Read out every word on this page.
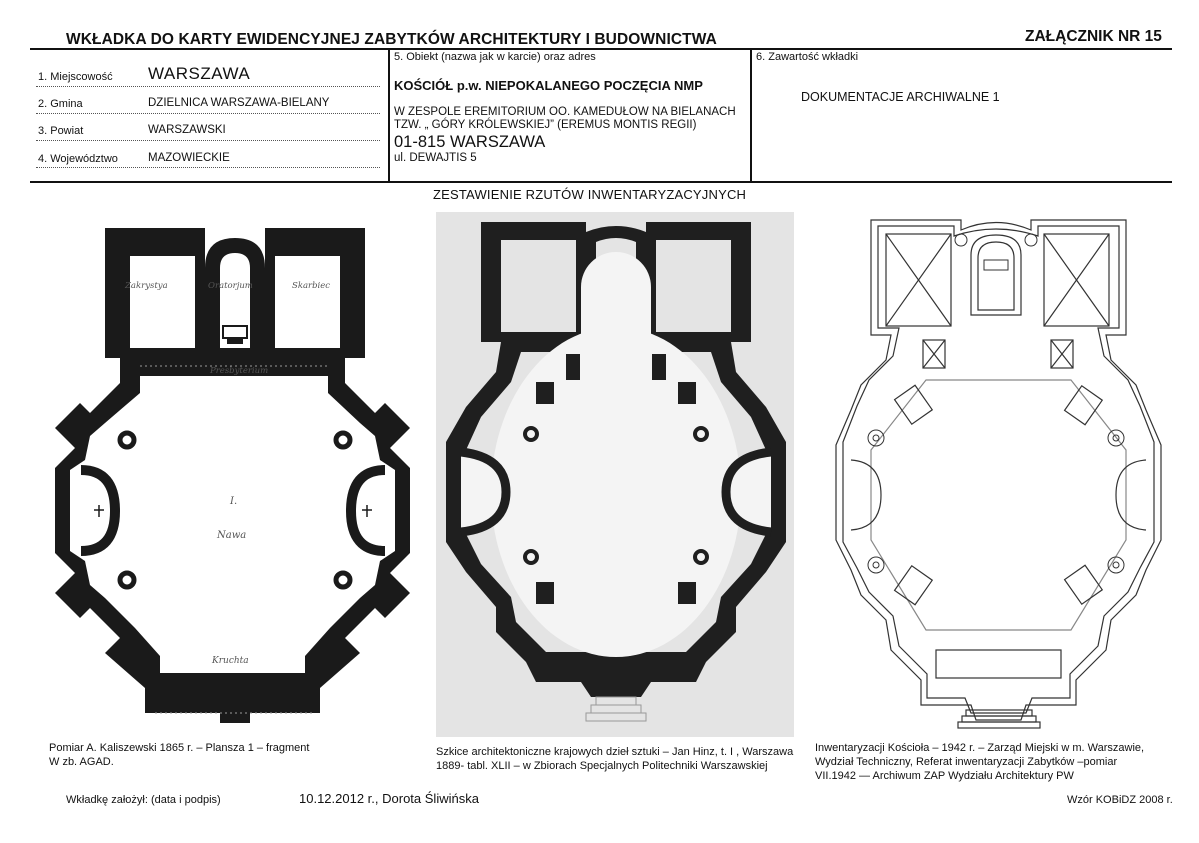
WKŁADKA DO KARTY EWIDENCYJNEJ ZABYTKÓW ARCHITEKTURY I BUDOWNICTWA	ZAŁĄCZNIK NR 15
1. Miejscowość WARSZAWA
2. Gmina	DZIELNICA WARSZAWA-BIELANY
3. Powiat	WARSZAWSKI
4. Województwo	MAZOWIECKIE
5. Obiekt (nazwa jak w karcie) oraz adres
KOŚCIÓŁ p.w. NIEPOKALANEGO POCZĘCIA NMP
W ZESPOLE EREMITORIUM OO. KAMEDUŁOW NA BIELANACH
TZW. „ GÓRY KRÓLEWSKIEJ” (EREMUS MONTIS REGII)
01-815 WARSZAWA
ul. DEWAJTIS 5
6. Zawartość wkładki
DOKUMENTACJE ARCHIWALNE 1
ZESTAWIENIE RZUTÓW INWENTARYZACYJNYCH
Zakrystya	Oratorjum	Skarbiec
Presbyterium
I.
Nawa
Kruchta
Pomiar A. Kaliszewski 1865 r. – Plansza 1 – fragment
W zb. AGAD.
Szkice architektoniczne krajowych dzieł sztuki – Jan Hinz, t. I , Warszawa
1889- tabl. XLII – w Zbiorach Specjalnych Politechniki Warszawskiej
Inwentaryzacji Kościoła – 1942 r. – Zarząd Miejski w m. Warszawie,
Wydział Techniczny, Referat inwentaryzacji Zabytków –pomiar
VII.1942 — Archiwum ZAP Wydziału Architektury PW
Wkładkę założył: (data i podpis)	10.12.2012 r., Dorota Śliwińska	Wzór KOBiDZ 2008 r.
